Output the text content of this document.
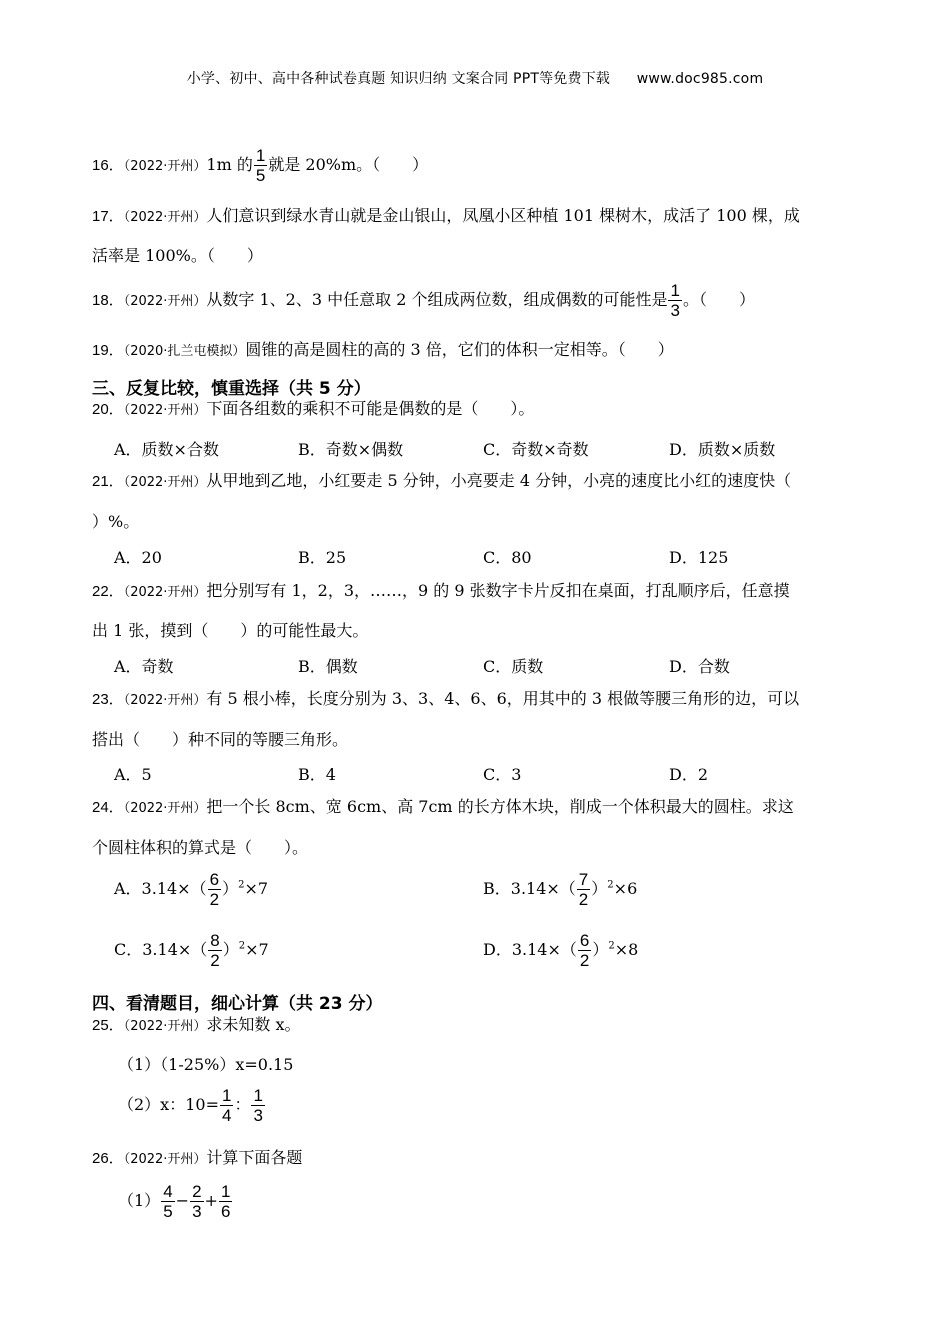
小学、初中、高中各种试卷真题 知识归纳 文案合同 PPT等免费下载 www.doc985.com
16．（2022·开州）1m 的 $\frac{1}{5}$ 就是 20%m。（　　）
17．（2022·开州）人们意识到绿水青山就是金山银山，凤凰小区种植 101 棵树木，成活了 100 棵，成
活率是 100%。（　　）
18．（2022·开州）从数字 1、2、3 中任意取 2 个组成两位数，组成偶数的可能性是 $\frac{1}{3}$ 。（　　）
19．（2020·扎兰屯模拟）圆锥的高是圆柱的高的 3 倍，它们的体积一定相等。（　　）
三、反复比较，慎重选择（共 5 分）
20．（2022·开州）下面各组数的乘积不可能是偶数的是（　　）。
A．质数×合数	B．奇数×偶数	C．奇数×奇数	D．质数×质数
21．（2022·开州）从甲地到乙地，小红要走 5 分钟，小亮要走 4 分钟，小亮的速度比小红的速度快（
）%。
A．20	B．25	C．80	D．125
22．（2022·开州）把分别写有 1，2，3，……，9 的 9 张数字卡片反扣在桌面，打乱顺序后，任意摸
出 1 张，摸到（　　）的可能性最大。
A．奇数	B．偶数	C．质数	D．合数
23．（2022·开州）有 5 根小棒，长度分别为 3、3、4、6、6，用其中的 3 根做等腰三角形的边，可以
搭出（　　）种不同的等腰三角形。
A．5	B．4	C．3	D．2
24．（2022·开州）把一个长 8cm、宽 6cm、高 7cm 的长方体木块，削成一个体积最大的圆柱。求这
个圆柱体积的算式是（　　）。
A．$3.14\times( \frac{6}{2} )^2\times 7$	B．$3.14\times( \frac{7}{2} )^2\times 6$
C．$3.14\times( \frac{8}{2} )^2\times 7$	D．$3.14\times( \frac{6}{2} )^2\times 8$
四、看清题目，细心计算（共 23 分）
25．（2022·开州）求未知数 x。
（1）（1-25%）x=0.15
（2）x：$10= \frac{1}{4}$ ： $\frac{1}{3}$
26．（2022·开州）计算下面各题
$(1) \frac{4}{5} - \frac{2}{3} + \frac{1}{6}$
